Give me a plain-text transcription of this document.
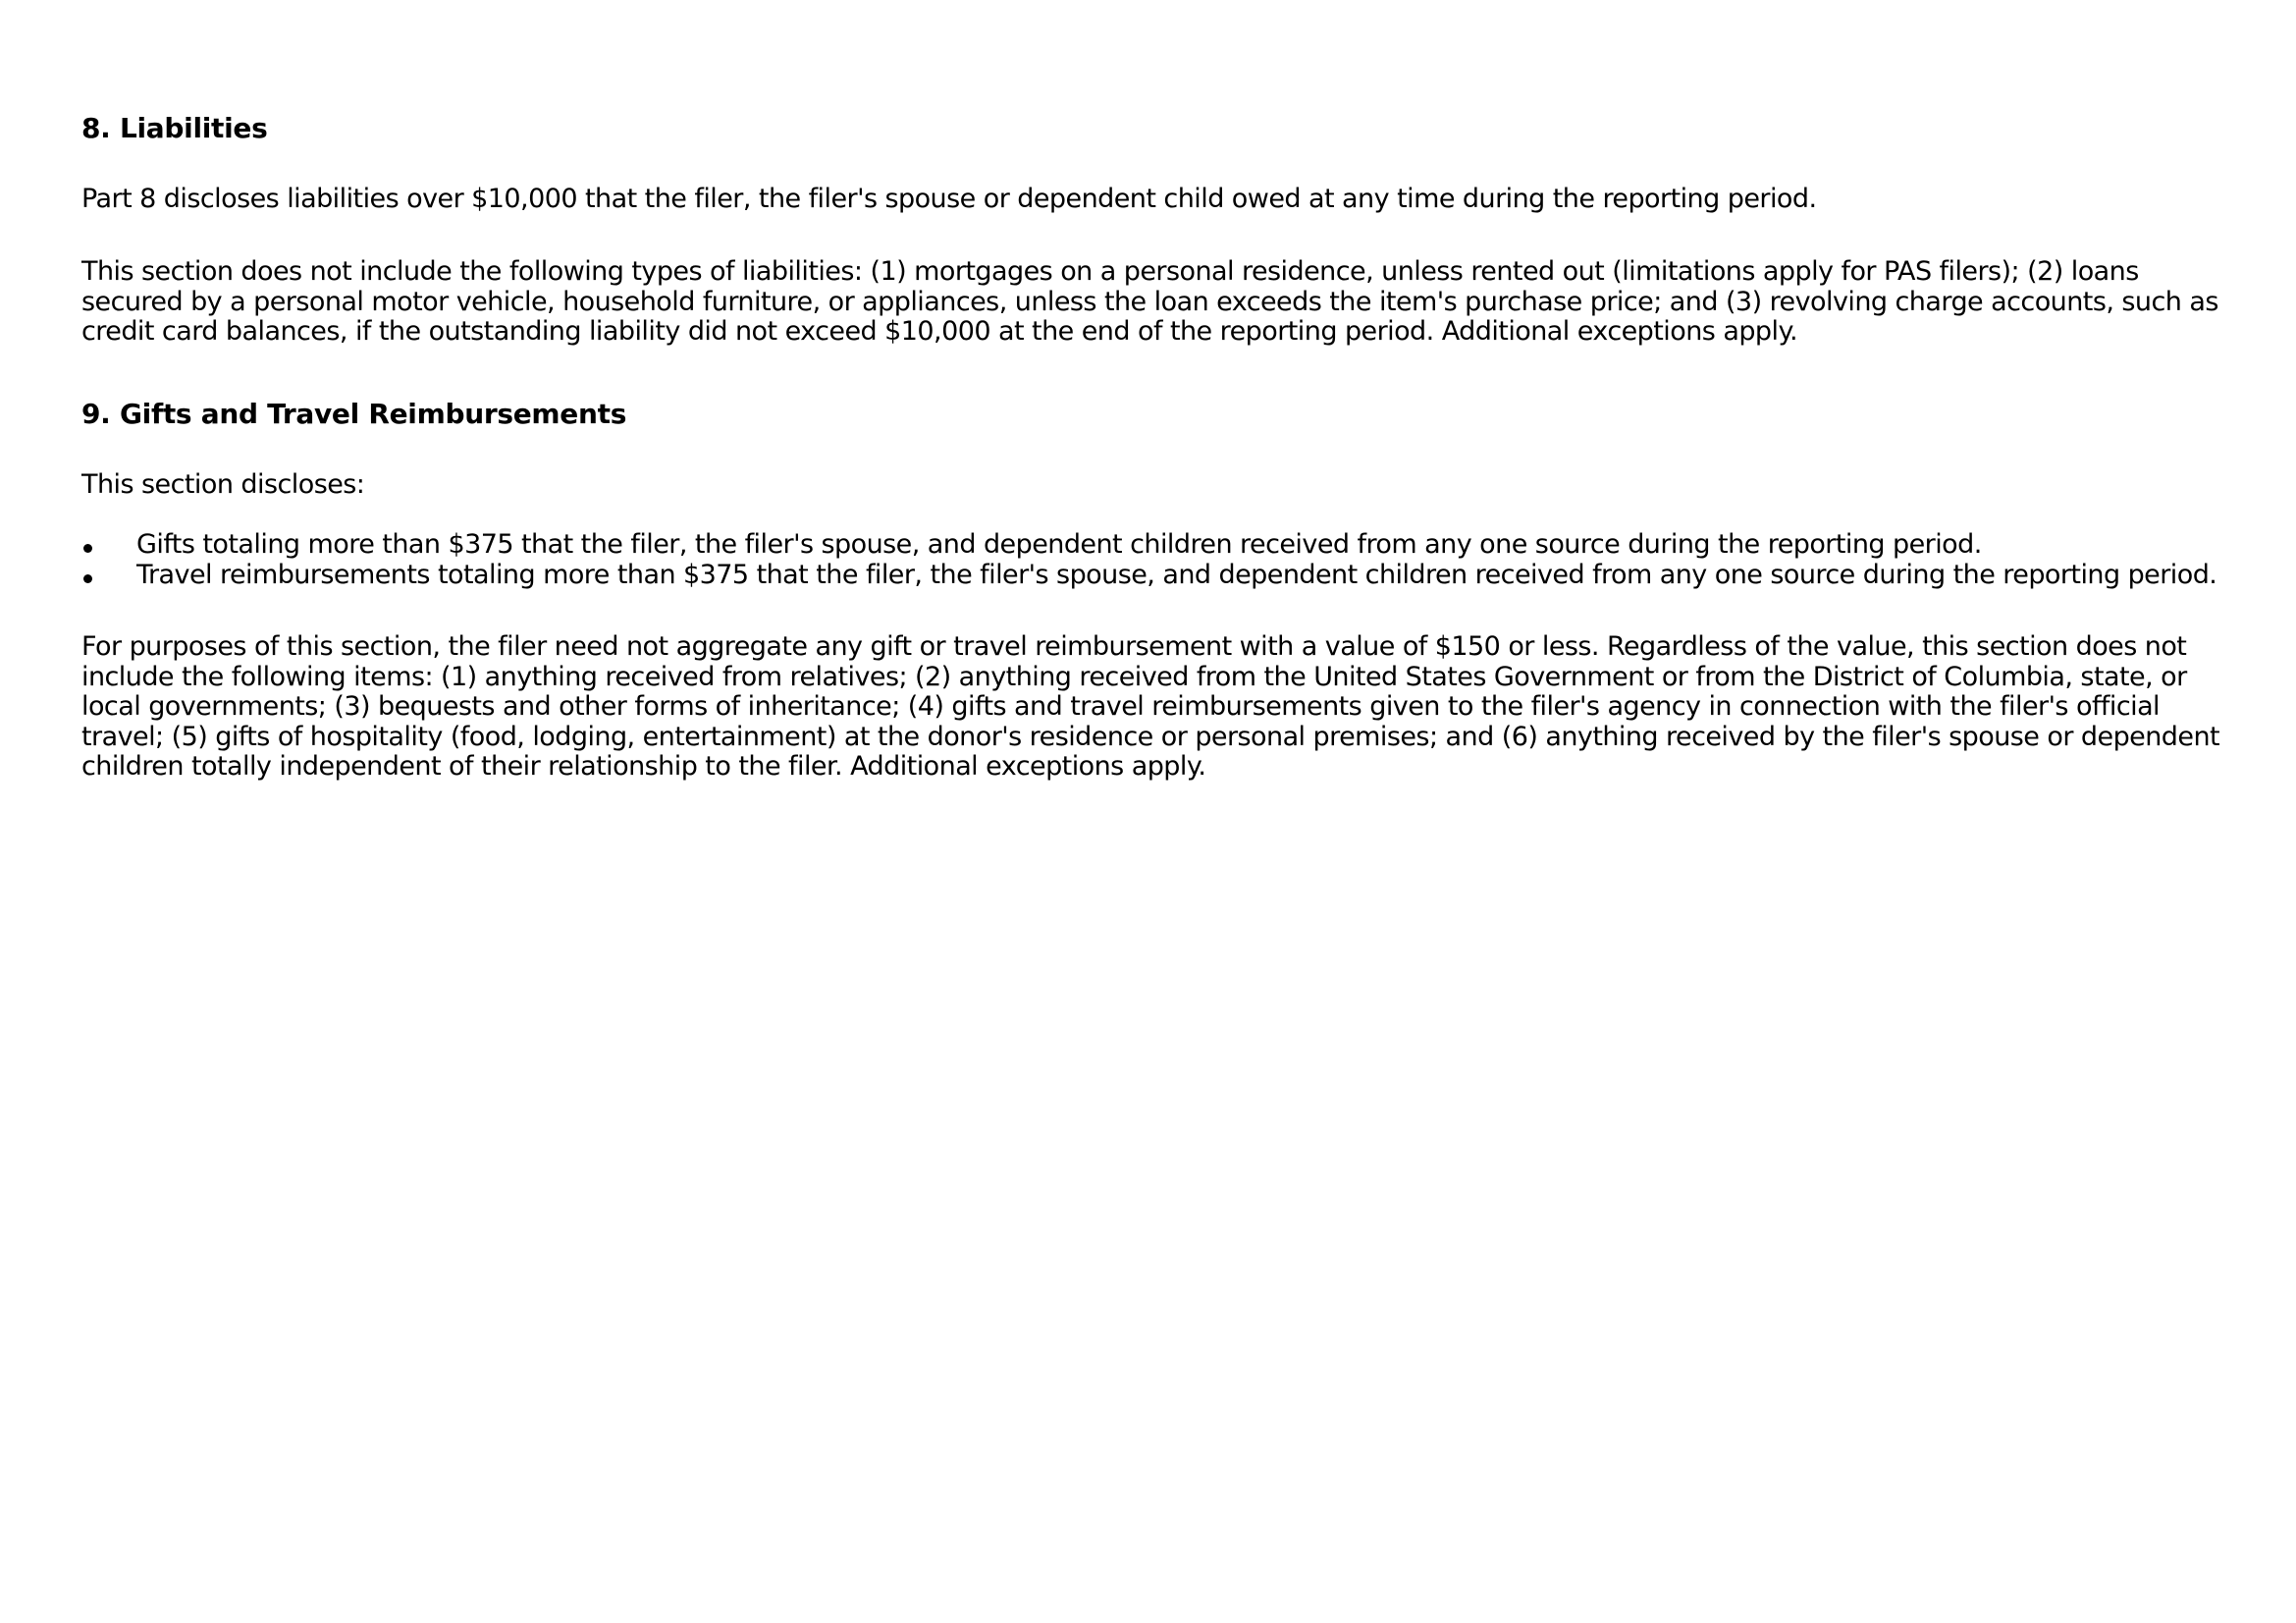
8. Liabilities

Part 8 discloses liabilities over $10,000 that the filer, the filer's spouse or dependent child owed at any time during the reporting period.

This section does not include the following types of liabilities: (1) mortgages on a personal residence, unless rented out (limitations apply for PAS filers); (2) loans secured by a personal motor vehicle, household furniture, or appliances, unless the loan exceeds the item's purchase price; and (3) revolving charge accounts, such as credit card balances, if the outstanding liability did not exceed $10,000 at the end of the reporting period. Additional exceptions apply.

9. Gifts and Travel Reimbursements

This section discloses:

Gifts totaling more than $375 that the filer, the filer's spouse, and dependent children received from any one source during the reporting period.
Travel reimbursements totaling more than $375 that the filer, the filer's spouse, and dependent children received from any one source during the reporting period.

For purposes of this section, the filer need not aggregate any gift or travel reimbursement with a value of $150 or less. Regardless of the value, this section does not include the following items: (1) anything received from relatives; (2) anything received from the United States Government or from the District of Columbia, state, or local governments; (3) bequests and other forms of inheritance; (4) gifts and travel reimbursements given to the filer's agency in connection with the filer's official travel; (5) gifts of hospitality (food, lodging, entertainment) at the donor's residence or personal premises; and (6) anything received by the filer's spouse or dependent children totally independent of their relationship to the filer. Additional exceptions apply.
